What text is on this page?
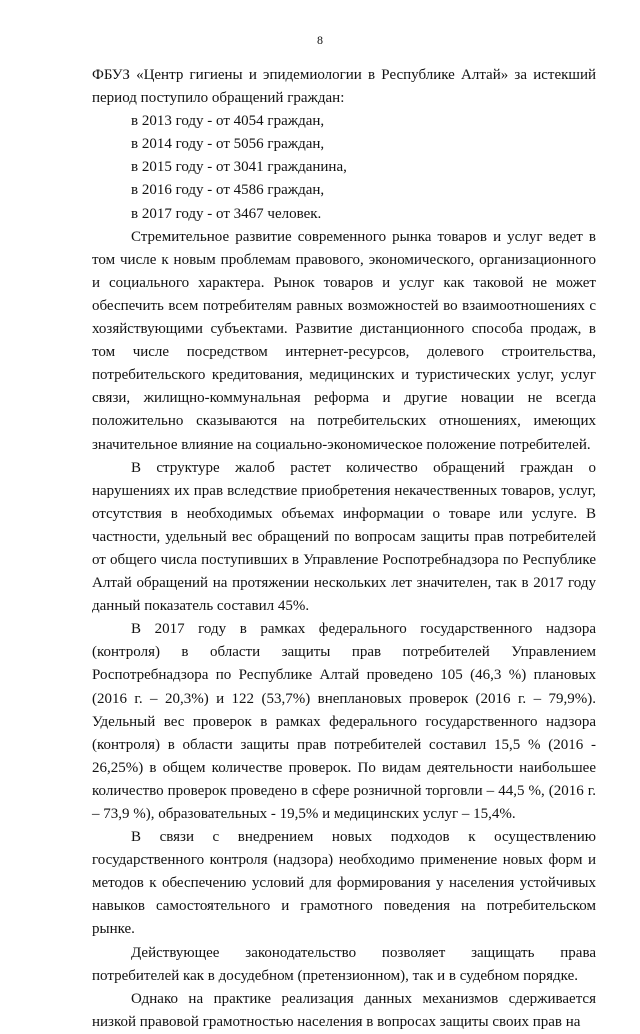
8

ФБУЗ «Центр гигиены и эпидемиологии в Республике Алтай» за истекший период поступило обращений граждан:

в 2013 году - от 4054 граждан,

в 2014 году - от 5056 граждан,

в 2015 году - от 3041 гражданина,

в 2016 году - от 4586 граждан,

в 2017 году - от 3467 человек.

Стремительное развитие современного рынка товаров и услуг ведет в том числе к новым проблемам правового, экономического, организационного и социального характера. Рынок товаров и услуг как таковой не может обеспечить всем потребителям равных возможностей во взаимоотношениях с хозяйствующими субъектами. Развитие дистанционного способа продаж, в том числе посредством интернет-ресурсов, долевого строительства, потребительского кредитования, медицинских и туристических услуг, услуг связи, жилищно-коммунальная реформа и другие новации не всегда положительно сказываются на потребительских отношениях, имеющих значительное влияние на социально-экономическое положение потребителей.

В структуре жалоб растет количество обращений граждан о нарушениях их прав вследствие приобретения некачественных товаров, услуг, отсутствия в необходимых объемах информации о товаре или услуге. В частности, удельный вес обращений по вопросам защиты прав потребителей от общего числа поступивших в Управление Роспотребнадзора по Республике Алтай обращений на протяжении нескольких лет значителен, так в 2017 году данный показатель составил 45%.

В 2017 году в рамках федерального государственного надзора (контроля) в области защиты прав потребителей Управлением Роспотребнадзора по Республике Алтай проведено 105 (46,3 %) плановых (2016 г. – 20,3%) и 122 (53,7%) внеплановых проверок (2016 г. – 79,9%). Удельный вес проверок в рамках федерального государственного надзора (контроля) в области защиты прав потребителей составил 15,5 % (2016 - 26,25%) в общем количестве проверок. По видам деятельности наибольшее количество проверок проведено в сфере розничной торговли – 44,5 %, (2016 г. – 73,9 %), образовательных - 19,5% и медицинских услуг – 15,4%.

В связи с внедрением новых подходов к осуществлению государственного контроля (надзора) необходимо применение новых форм и методов к обеспечению условий для формирования у населения устойчивых навыков самостоятельного и грамотного поведения на потребительском рынке.

Действующее законодательство позволяет защищать права потребителей как в досудебном (претензионном), так и в судебном порядке.

Однако на практике реализация данных механизмов сдерживается низкой правовой грамотностью населения в вопросах защиты своих прав на
